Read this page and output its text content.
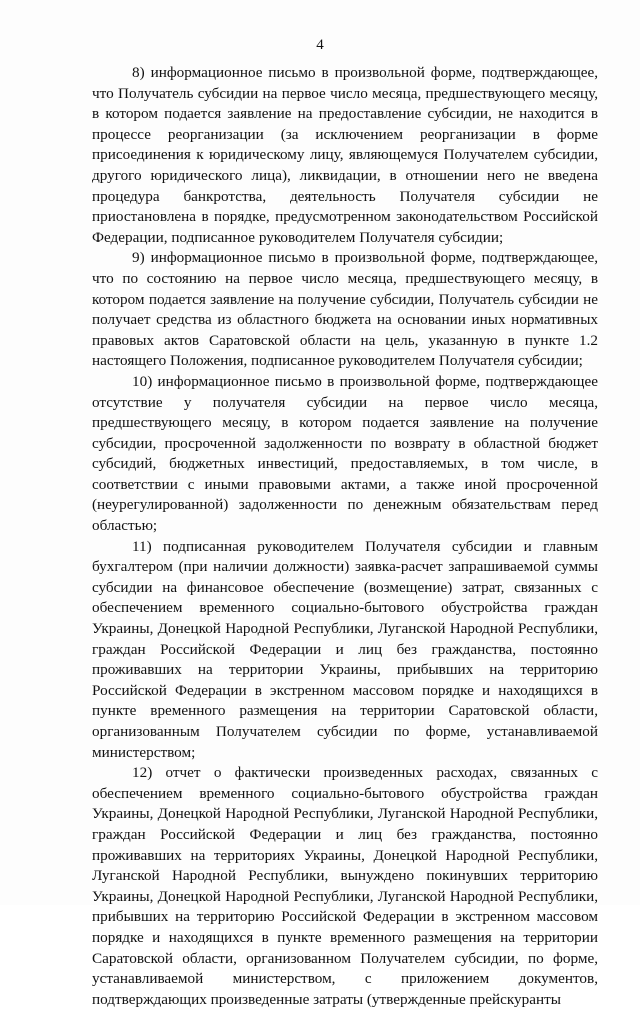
4

8) информационное письмо в произвольной форме, подтверждающее, что Получатель субсидии на первое число месяца, предшествующего месяцу, в котором подается заявление на предоставление субсидии, не находится в процессе реорганизации (за исключением реорганизации в форме присоединения к юридическому лицу, являющемуся Получателем субсидии, другого юридического лица), ликвидации, в отношении него не введена процедура банкротства, деятельность Получателя субсидии не приостановлена в порядке, предусмотренном законодательством Российской Федерации, подписанное руководителем Получателя субсидии;

9) информационное письмо в произвольной форме, подтверждающее, что по состоянию на первое число месяца, предшествующего месяцу, в котором подается заявление на получение субсидии, Получатель субсидии не получает средства из областного бюджета на основании иных нормативных правовых актов Саратовской области на цель, указанную в пункте 1.2 настоящего Положения, подписанное руководителем Получателя субсидии;

10) информационное письмо в произвольной форме, подтверждающее отсутствие у получателя субсидии на первое число месяца, предшествующего месяцу, в котором подается заявление на получение субсидии, просроченной задолженности по возврату в областной бюджет субсидий, бюджетных инвестиций, предоставляемых, в том числе, в соответствии с иными правовыми актами, а также иной просроченной (неурегулированной) задолженности по денежным обязательствам перед областью;

11) подписанная руководителем Получателя субсидии и главным бухгалтером (при наличии должности) заявка-расчет запрашиваемой суммы субсидии на финансовое обеспечение (возмещение) затрат, связанных с обеспечением временного социально-бытового обустройства граждан Украины, Донецкой Народной Республики, Луганской Народной Республики, граждан Российской Федерации и лиц без гражданства, постоянно проживавших на территории Украины, прибывших на территорию Российской Федерации в экстренном массовом порядке и находящихся в пункте временного размещения на территории Саратовской области, организованным Получателем субсидии по форме, устанавливаемой министерством;

12) отчет о фактически произведенных расходах, связанных с обеспечением временного социально-бытового обустройства граждан Украины, Донецкой Народной Республики, Луганской Народной Республики, граждан Российской Федерации и лиц без гражданства, постоянно проживавших на территориях Украины, Донецкой Народной Республики, Луганской Народной Республики, вынуждено покинувших территорию Украины, Донецкой Народной Республики, Луганской Народной Республики, прибывших на территорию Российской Федерации в экстренном массовом порядке и находящихся в пункте временного размещения на территории Саратовской области, организованном Получателем субсидии, по форме, устанавливаемой министерством, с приложением документов, подтверждающих произведенные затраты (утвержденные прейскуранты
